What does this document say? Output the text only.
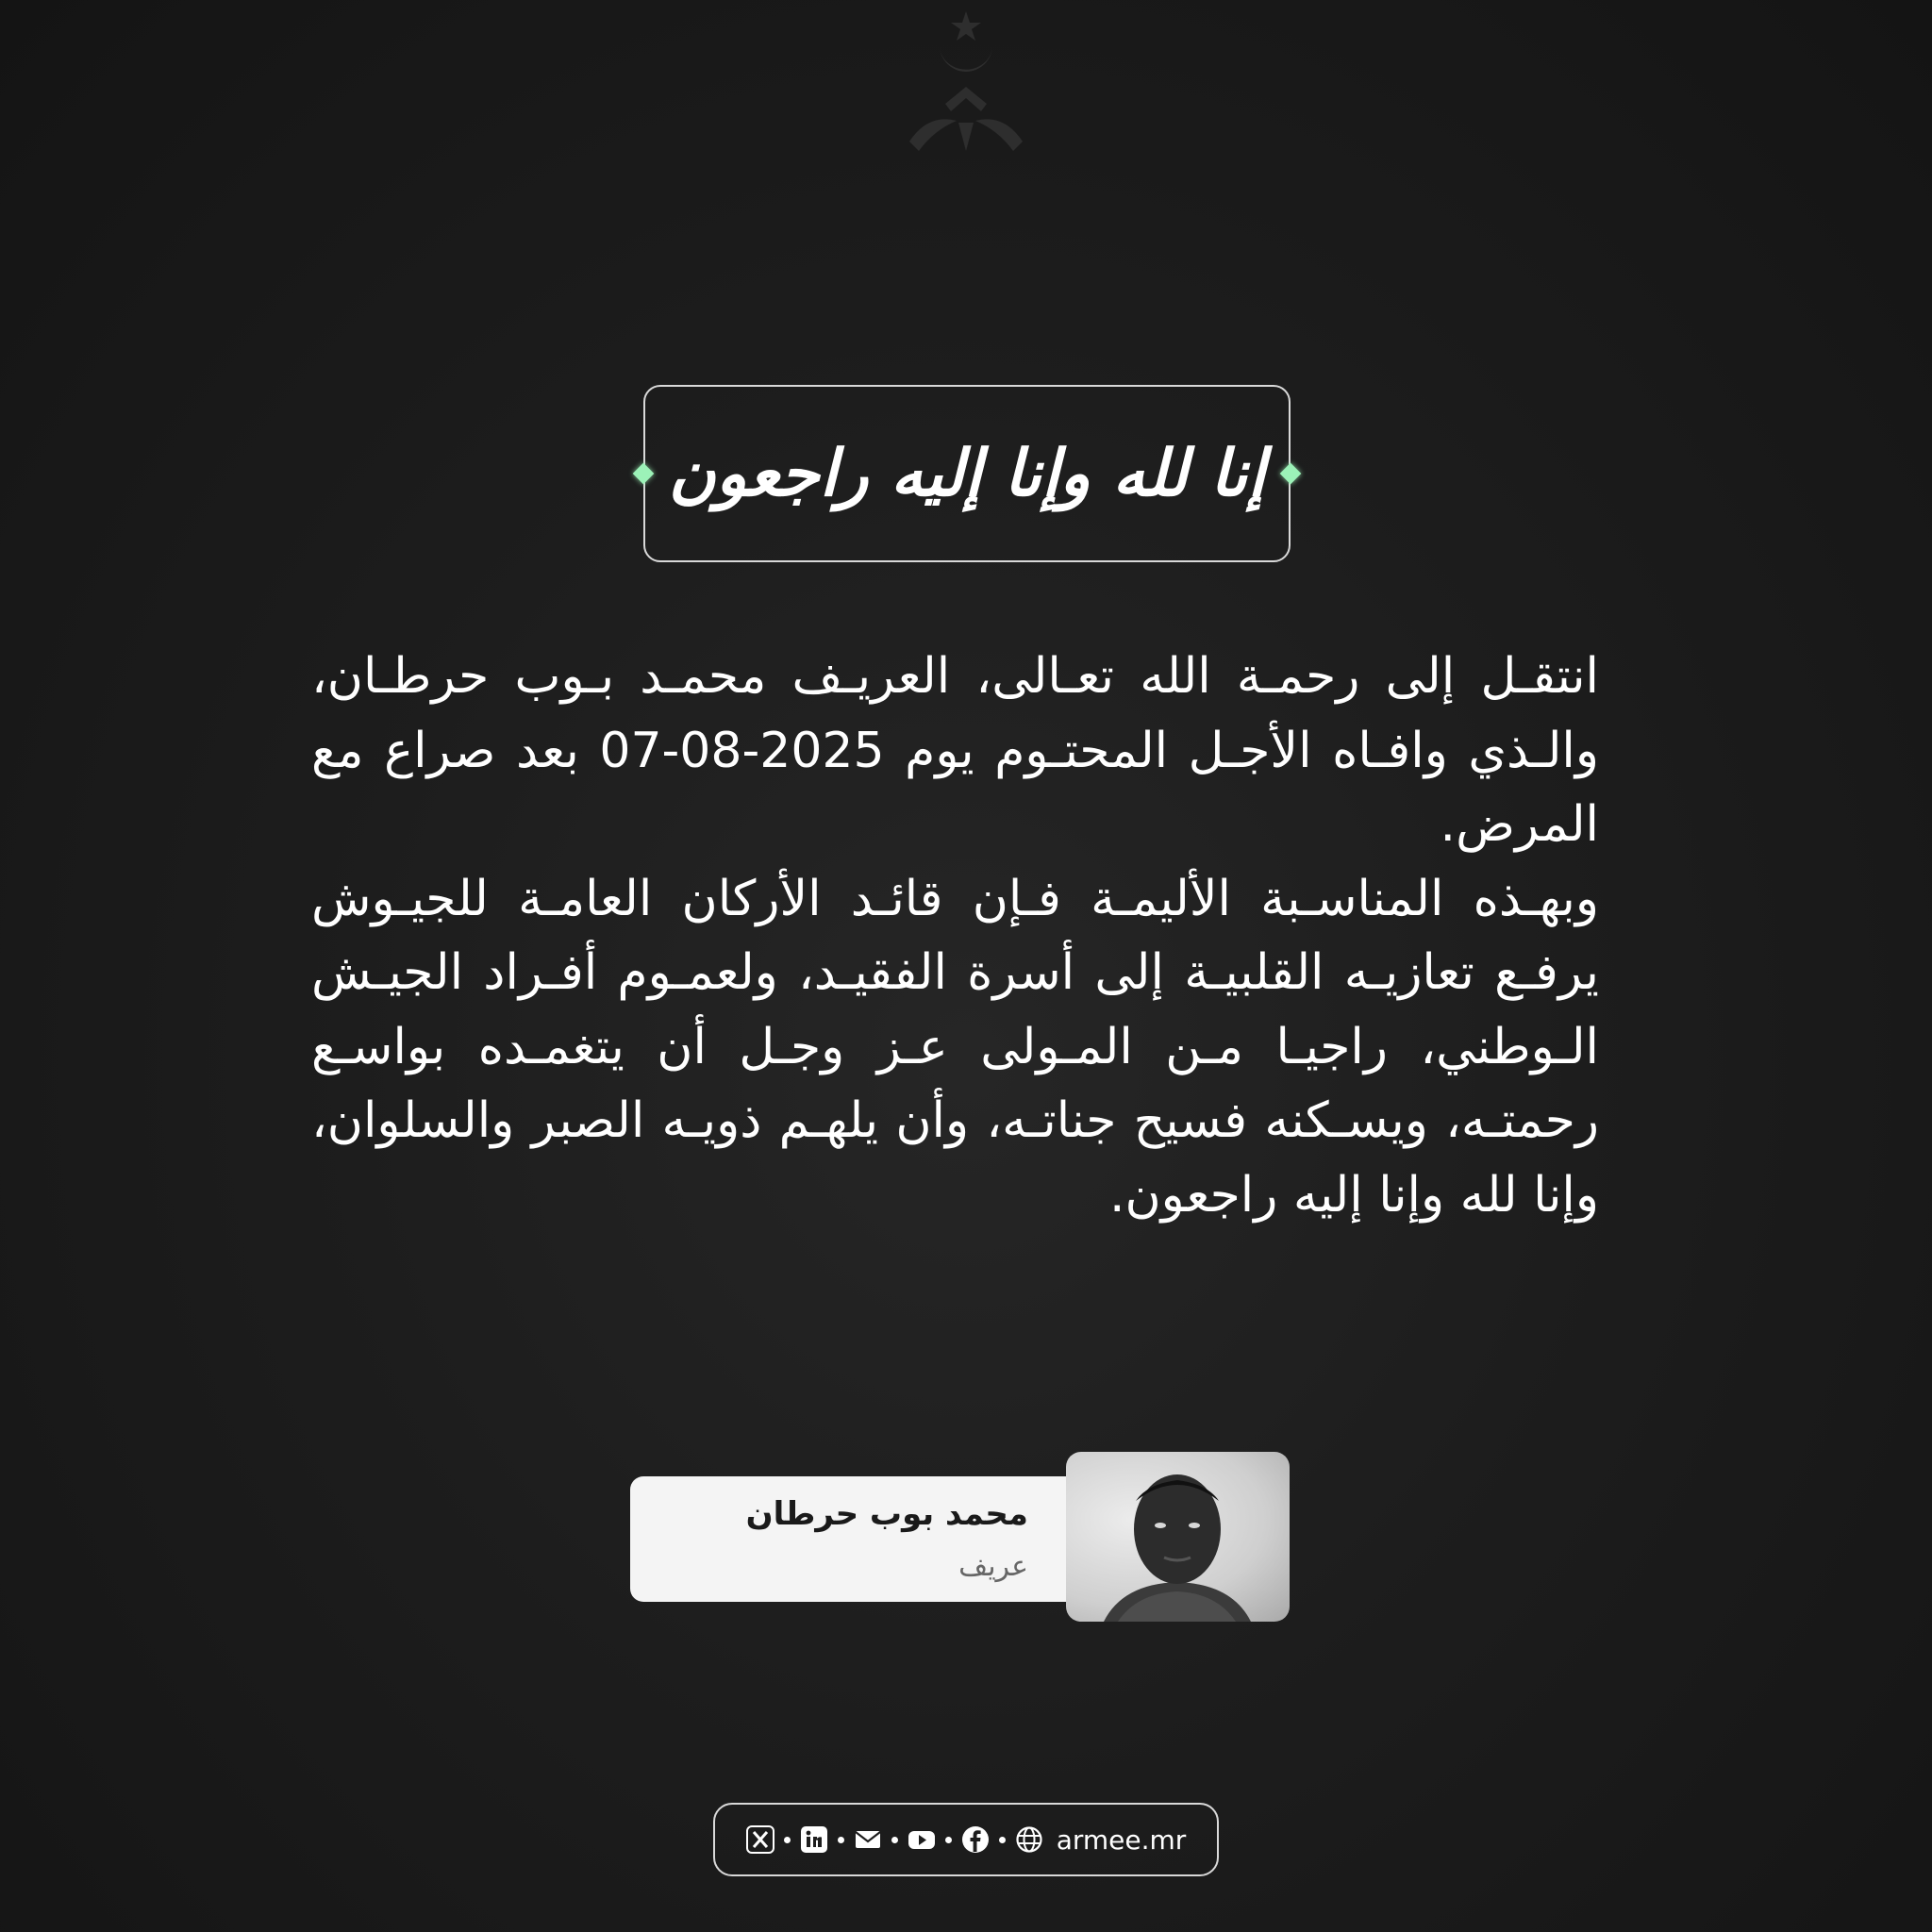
إنا لله وإنا إليه راجعون
انتقـل إلى رحمـة الله تعـالى، العريـف محمـد بـوب حرطـان، والـذي وافـاه الأجـل المحتـوم يوم 2025-08-07 بعد صراع مع المرض.
وبهـذه المناسـبة الأليمـة فـإن قائـد الأركان العامـة للجيـوش يرفـع تعازيـه القلبيـة إلى أسرة الفقيـد، ولعمـوم أفـراد الجيـش الـوطني، راجيـا مـن المـولى عـز وجـل أن يتغمـده بواسـع رحمتـه، ويسـكنه فسيح جناتـه، وأن يلهـم ذويـه الصبر والسلوان، وإنا لله وإنا إليه راجعون.
محمد بوب حرطان
عريف
armee.mr
